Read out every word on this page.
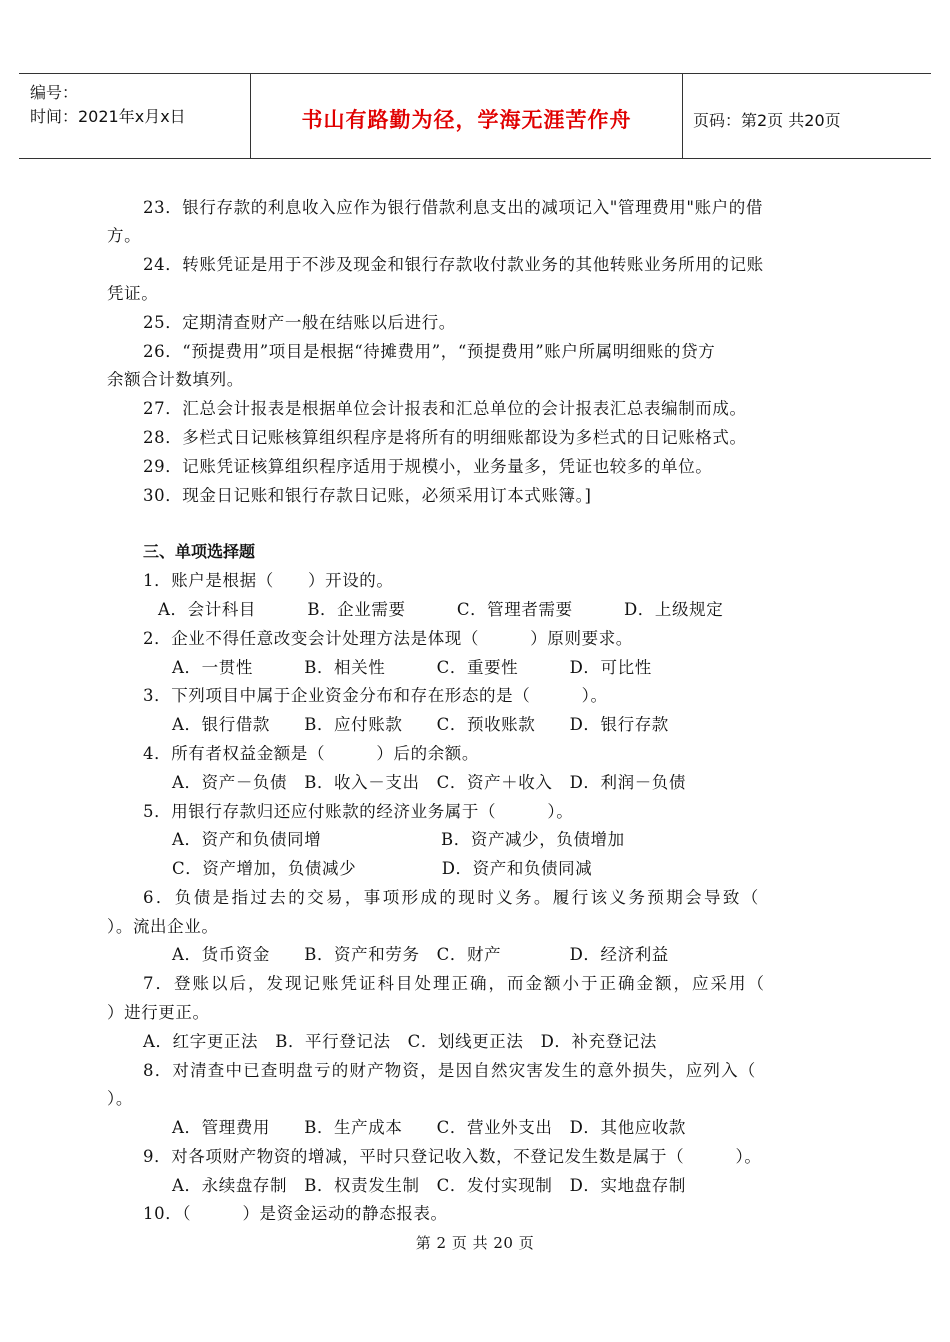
编号：
时间：2021年x月x日	书山有路勤为径，学海无涯苦作舟	页码：第2页 共20页
23．银行存款的利息收入应作为银行借款利息支出的减项记入"管理费用"账户的借
方。
24．转账凭证是用于不涉及现金和银行存款收付款业务的其他转账业务所用的记账
凭证。
25．定期清查财产一般在结账以后进行。
26．“预提费用”项目是根据“待摊费用”，“预提费用”账户所属明细账的贷方
余额合计数填列。
27．汇总会计报表是根据单位会计报表和汇总单位的会计报表汇总表编制而成。
28．多栏式日记账核算组织程序是将所有的明细账都设为多栏式的日记账格式。
29．记账凭证核算组织程序适用于规模小，业务量多，凭证也较多的单位。
30．现金日记账和银行存款日记账，必须采用订本式账簿。]
三、单项选择题
1．账户是根据（　　）开设的。
A．会计科目　　　B．企业需要　　　C．管理者需要　　　D．上级规定
2．企业不得任意改变会计处理方法是体现（　　　）原则要求。
A．一贯性　　　B．相关性　　　C．重要性　　　D．可比性
3．下列项目中属于企业资金分布和存在形态的是（　　　）。
A．银行借款　　B．应付账款　　C．预收账款　　D．银行存款
4．所有者权益金额是（　　　）后的余额。
A．资产－负债　B．收入－支出　C．资产＋收入　D．利润－负债
5．用银行存款归还应付账款的经济业务属于（　　　）。
A．资产和负债同增　　　　　　　B．资产减少，负债增加
C．资产增加，负债减少　　　　　D．资产和负债同减
6．负债是指过去的交易，事项形成的现时义务。履行该义务预期会导致（
）。流出企业。
A．货币资金　　B．资产和劳务　C．财产　　　　D．经济利益
7．登账以后，发现记账凭证科目处理正确，而金额小于正确金额，应采用（
）进行更正。
A．红字更正法　B．平行登记法　C．划线更正法　D．补充登记法
8．对清查中已查明盘亏的财产物资，是因自然灾害发生的意外损失，应列入（
）。
A．管理费用　　B．生产成本　　C．营业外支出　D．其他应收款
9．对各项财产物资的增减，平时只登记收入数，不登记发生数是属于（　　　）。
A．永续盘存制　B．权责发生制　C．发付实现制　D．实地盘存制
10．（　　　）是资金运动的静态报表。
第 2 页 共 20 页
